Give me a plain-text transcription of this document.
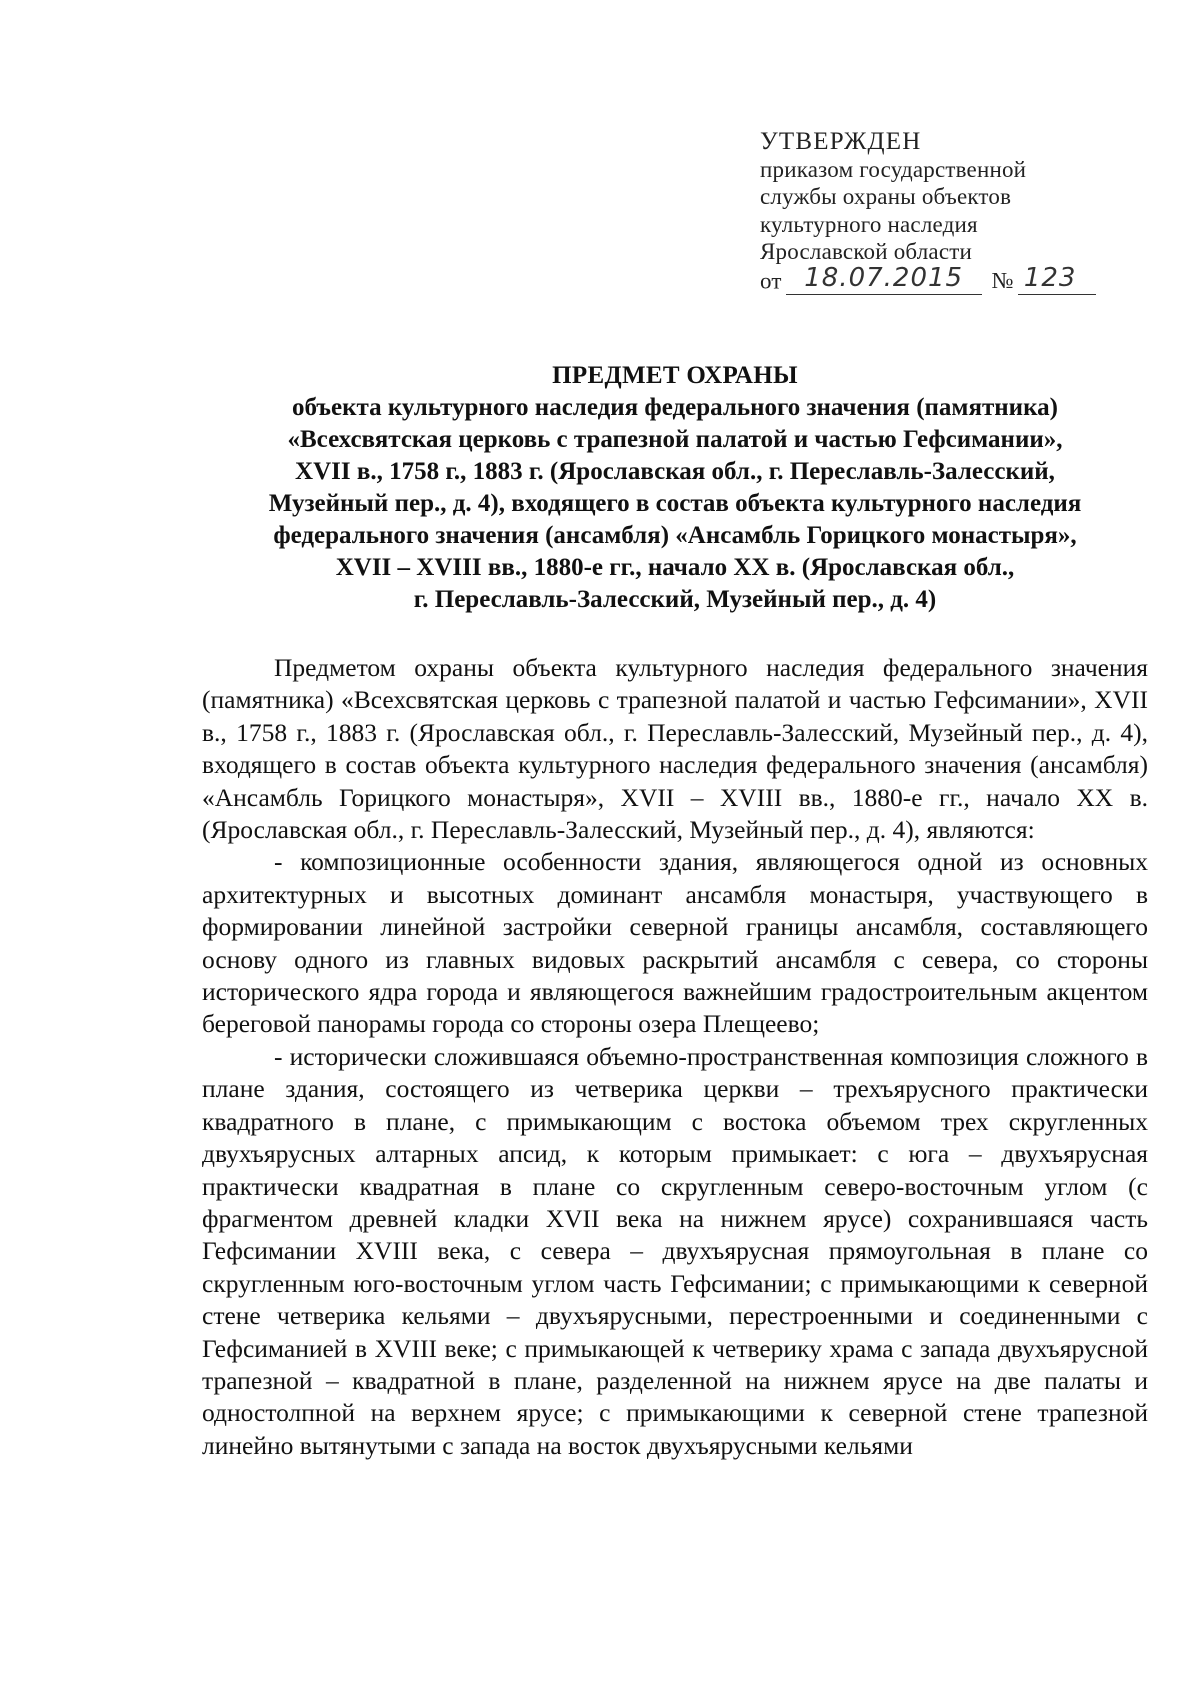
УТВЕРЖДЕН
приказом государственной
службы охраны объектов
культурного наследия
Ярославской области
от 18.07.2015 № 123
ПРЕДМЕТ ОХРАНЫ
объекта культурного наследия федерального значения (памятника)
«Всехсвятская церковь с трапезной палатой и частью Гефсимании»,
XVII в., 1758 г., 1883 г. (Ярославская обл., г. Переславль-Залесский,
Музейный пер., д. 4), входящего в состав объекта культурного наследия
федерального значения (ансамбля) «Ансамбль Горицкого монастыря»,
XVII – XVIII вв., 1880-е гг., начало XX в. (Ярославская обл.,
г. Переславль-Залесский, Музейный пер., д. 4)

Предметом охраны объекта культурного наследия федерального значения (памятника) «Всехсвятская церковь с трапезной палатой и частью Гефсимании», XVII в., 1758 г., 1883 г. (Ярославская обл., г. Переславль-Залесский, Музейный пер., д. 4), входящего в состав объекта культурного наследия федерального значения (ансамбля) «Ансамбль Горицкого монастыря», XVII – XVIII вв., 1880-е гг., начало XX в. (Ярославская обл., г. Переславль-Залесский, Музейный пер., д. 4), являются:

- композиционные особенности здания, являющегося одной из основных архитектурных и высотных доминант ансамбля монастыря, участвующего в формировании линейной застройки северной границы ансамбля, составляющего основу одного из главных видовых раскрытий ансамбля с севера, со стороны исторического ядра города и являющегося важнейшим градостроительным акцентом береговой панорамы города со стороны озера Плещеево;

- исторически сложившаяся объемно-пространственная композиция сложного в плане здания, состоящего из четверика церкви – трехъярусного практически квадратного в плане, с примыкающим с востока объемом трех скругленных двухъярусных алтарных апсид, к которым примыкает: с юга – двухъярусная практически квадратная в плане со скругленным северо-восточным углом (с фрагментом древней кладки XVII века на нижнем ярусе) сохранившаяся часть Гефсимании XVIII века, с севера – двухъярусная прямоугольная в плане со скругленным юго-восточным углом часть Гефсимании; с примыкающими к северной стене четверика кельями – двухъярусными, перестроенными и соединенными с Гефсиманией в XVIII веке; с примыкающей к четверику храма с запада двухъярусной трапезной – квадратной в плане, разделенной на нижнем ярусе на две палаты и одностолпной на верхнем ярусе; с примыкающими к северной стене трапезной линейно вытянутыми с запада на восток двухъярусными кельями
